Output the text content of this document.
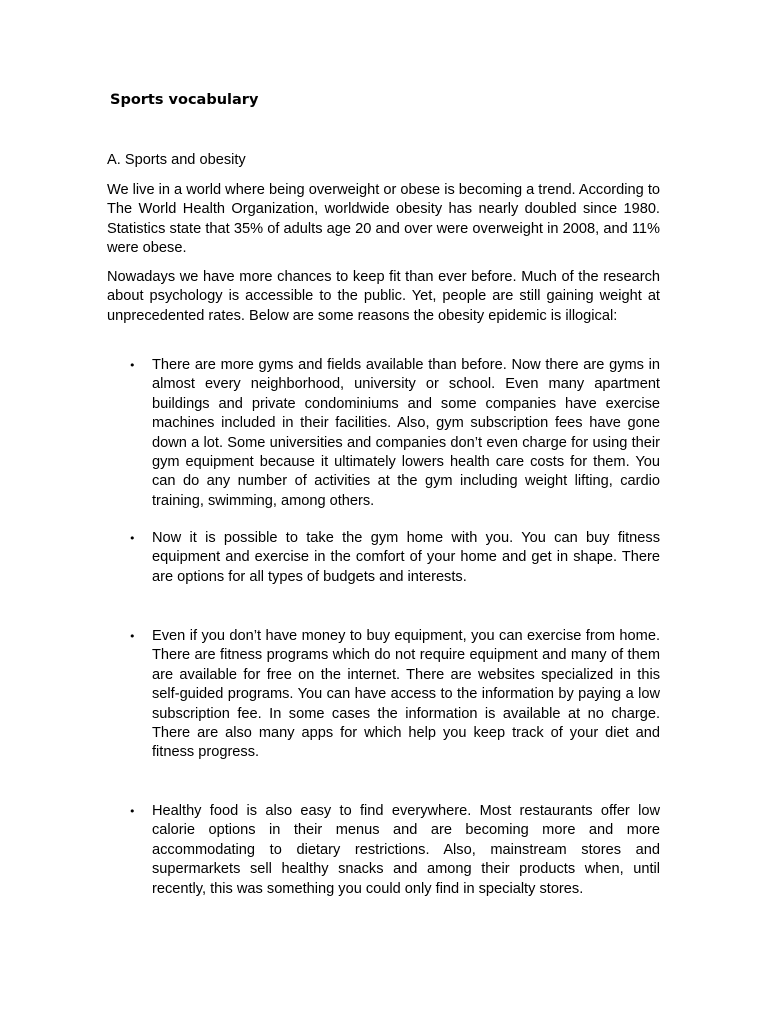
Sports vocabulary

A. Sports and obesity

We live in a world where being overweight or obese is becoming a trend. According to The World Health Organization, worldwide obesity has nearly doubled since 1980. Statistics state that 35% of adults age 20 and over were overweight in 2008, and 11% were obese.

Nowadays we have more chances to keep fit than ever before. Much of the research about psychology is accessible to the public. Yet, people are still gaining weight at unprecedented rates. Below are some reasons the obesity epidemic is illogical:

• There are more gyms and fields available than before. Now there are gyms in almost every neighborhood, university or school. Even many apartment buildings and private condominiums and some companies have exercise machines included in their facilities. Also, gym subscription fees have gone down a lot. Some universities and companies don’t even charge for using their gym equipment because it ultimately lowers health care costs for them. You can do any number of activities at the gym including weight lifting, cardio training, swimming, among others.
• Now it is possible to take the gym home with you. You can buy fitness equipment and exercise in the comfort of your home and get in shape. There are options for all types of budgets and interests.
• Even if you don’t have money to buy equipment, you can exercise from home. There are fitness programs which do not require equipment and many of them are available for free on the internet. There are websites specialized in this self-guided programs. You can have access to the information by paying a low subscription fee. In some cases the information is available at no charge. There are also many apps for which help you keep track of your diet and fitness progress.
• Healthy food is also easy to find everywhere. Most restaurants offer low calorie options in their menus and are becoming more and more accommodating to dietary restrictions. Also, mainstream stores and supermarkets sell healthy snacks and among their products when, until recently, this was something you could only find in specialty stores.
